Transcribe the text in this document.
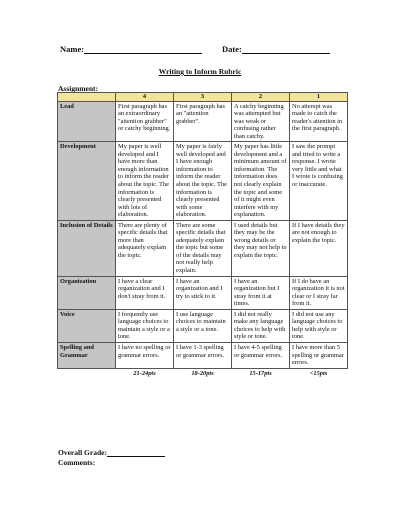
Name:	Date:
Writing to Inform Rubric
Assignment:
	4	3	2	1
Lead	First paragraph has an extraordinary "attention grabber" or catchy beginning.	First paragraph has an "attention grabber".	A catchy beginning was attempted but was weak or confusing rather than catchy.	No attempt was made to catch the reader's attention in the first paragraph.
Development	My paper is well developed and I have more than enough information to inform the reader about the topic. The information is clearly presented with lots of elaboration.	My paper is fairly well developed and I have enough information to inform the reader about the topic. The information is clearly presented with some elaboration.	My paper has little development and a minimum amount of information. The information does not clearly explain the topic and some of it might even interfere with my explanation.	I saw the prompt and tried to write a response. I wrote very little and what I wrote is confusing or inaccurate.
Inclusion of Details	There are plenty of specific details that more than adequately explain the topic.	There are some specific details that adequately explain the topic but some of the details may not really help explain.	I used details but they may be the wrong details or they may not help to explain the topic.	If I have details they are not enough to explain the topic.
Organization	I have a clear organization and I don't stray from it.	I have an organization and I try to stick to it.	I have an organization but I stray from it at times.	If I do have an organization it is not clear or I stray far from it.
Voice	I frequently use language choices to maintain a style or a tone.	I use language choices to maintain a style or a tone.	I did not really make any language choices to help with style or tone.	I did not use any language choices to help with style or tone.
Spelling and Grammar	I have no spelling or grammar errors.	I have 1-3 spelling or grammar errors.	I have 4-5 spelling or grammar errors.	I have more than 5 spelling or grammar errors.
	21-24pts	18-20pts	15-17pts	<15pts
Overall Grade:
Comments:
